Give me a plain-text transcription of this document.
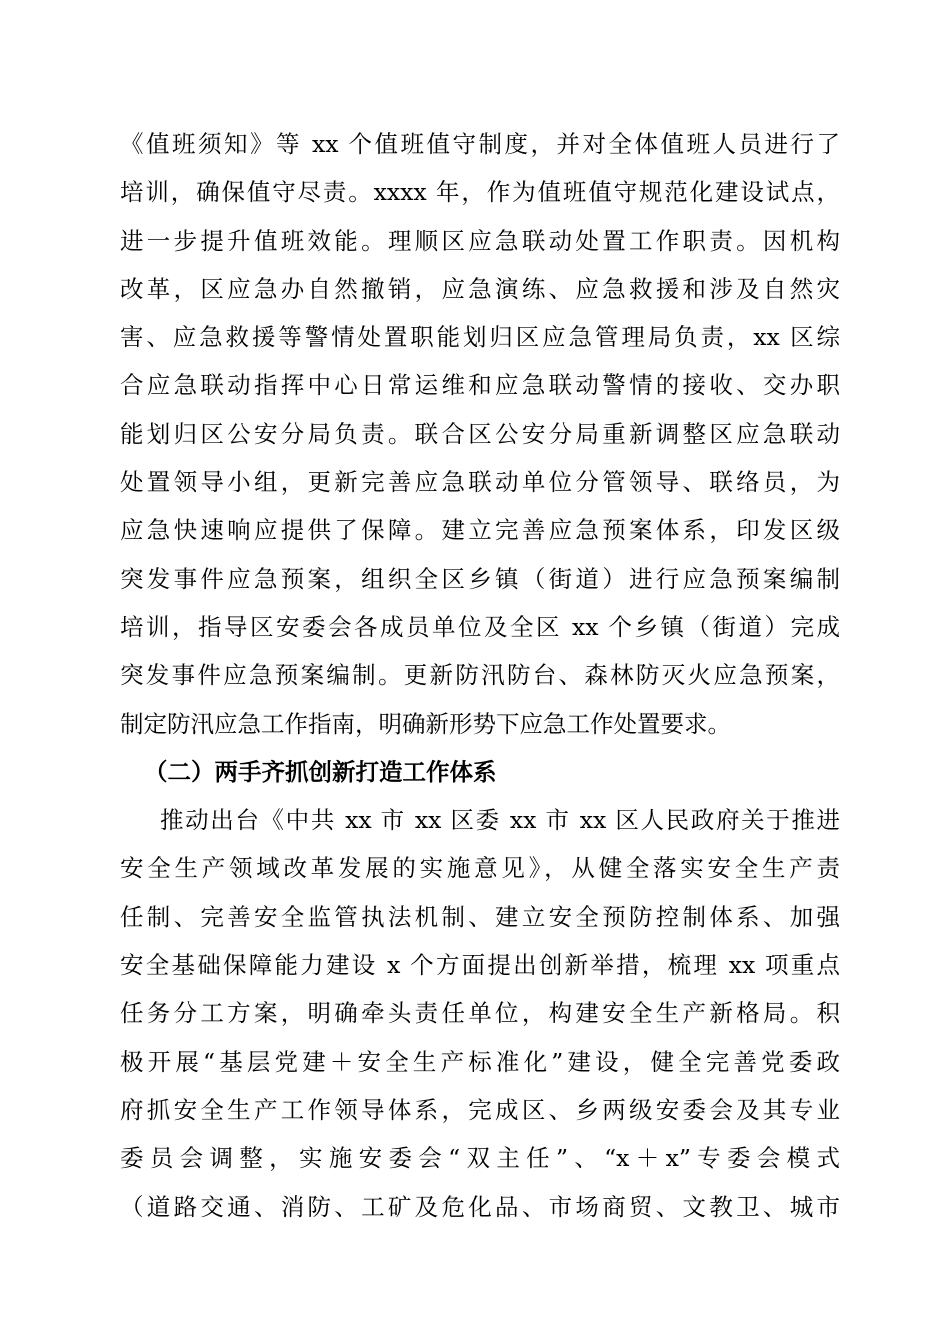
《值班须知》等 xx 个值班值守制度，并对全体值班人员进行了
培训，确保值守尽责。xxxx 年，作为值班值守规范化建设试点，
进一步提升值班效能。理顺区应急联动处置工作职责。因机构
改革，区应急办自然撤销，应急演练、应急救援和涉及自然灾
害、应急救援等警情处置职能划归区应急管理局负责，xx 区综
合应急联动指挥中心日常运维和应急联动警情的接收、交办职
能划归区公安分局负责。联合区公安分局重新调整区应急联动
处置领导小组，更新完善应急联动单位分管领导、联络员，为
应急快速响应提供了保障。建立完善应急预案体系，印发区级
突发事件应急预案，组织全区乡镇（街道）进行应急预案编制
培训，指导区安委会各成员单位及全区 xx 个乡镇（街道）完成
突发事件应急预案编制。更新防汛防台、森林防灭火应急预案，
制定防汛应急工作指南，明确新形势下应急工作处置要求。
（二）两手齐抓创新打造工作体系
推动出台《中共 xx 市 xx 区委 xx 市 xx 区人民政府关于推进
安全生产领域改革发展的实施意见》，从健全落实安全生产责
任制、完善安全监管执法机制、建立安全预防控制体系、加强
安全基础保障能力建设 x 个方面提出创新举措，梳理 xx 项重点
任务分工方案，明确牵头责任单位，构建安全生产新格局。积
极开展“基层党建＋安全生产标准化”建设，健全完善党委政
府抓安全生产工作领导体系，完成区、乡两级安委会及其专业
委员会调整，实施安委会“双主任”、“x＋x”专委会模式
（道路交通、消防、工矿及危化品、市场商贸、文教卫、城市
